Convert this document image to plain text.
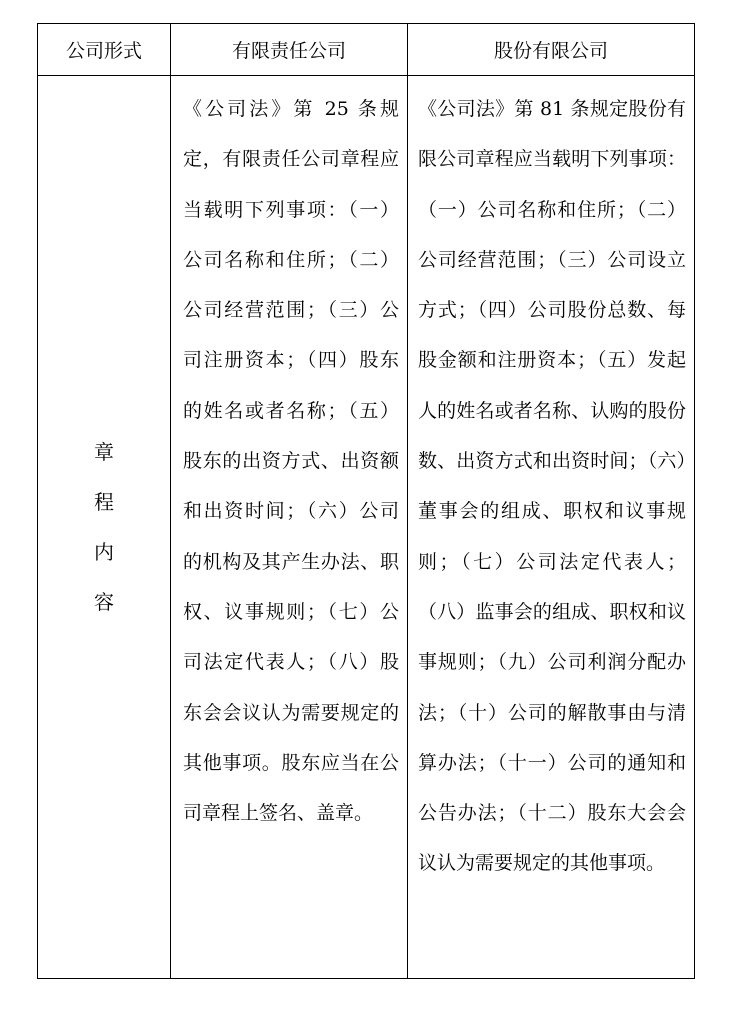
公司形式	有限责任公司	股份有限公司
章程内容	《公司法》第 25 条规定，有限责任公司章程应当载明下列事项：（一）公司名称和住所；（二）公司经营范围；（三）公司注册资本；（四）股东的姓名或者名称；（五）股东的出资方式、出资额和出资时间；（六）公司的机构及其产生办法、职权、议事规则；（七）公司法定代表人；（八）股东会会议认为需要规定的其他事项。股东应当在公司章程上签名、盖章。	《公司法》第 81 条规定股份有限公司章程应当载明下列事项：（一）公司名称和住所；（二）公司经营范围；（三）公司设立方式；（四）公司股份总数、每股金额和注册资本；（五）发起人的姓名或者名称、认购的股份数、出资方式和出资时间；（六）董事会的组成、职权和议事规则；（七）公司法定代表人；（八）监事会的组成、职权和议事规则；（九）公司利润分配办法；（十）公司的解散事由与清算办法；（十一）公司的通知和公告办法；（十二）股东大会会议认为需要规定的其他事项。
